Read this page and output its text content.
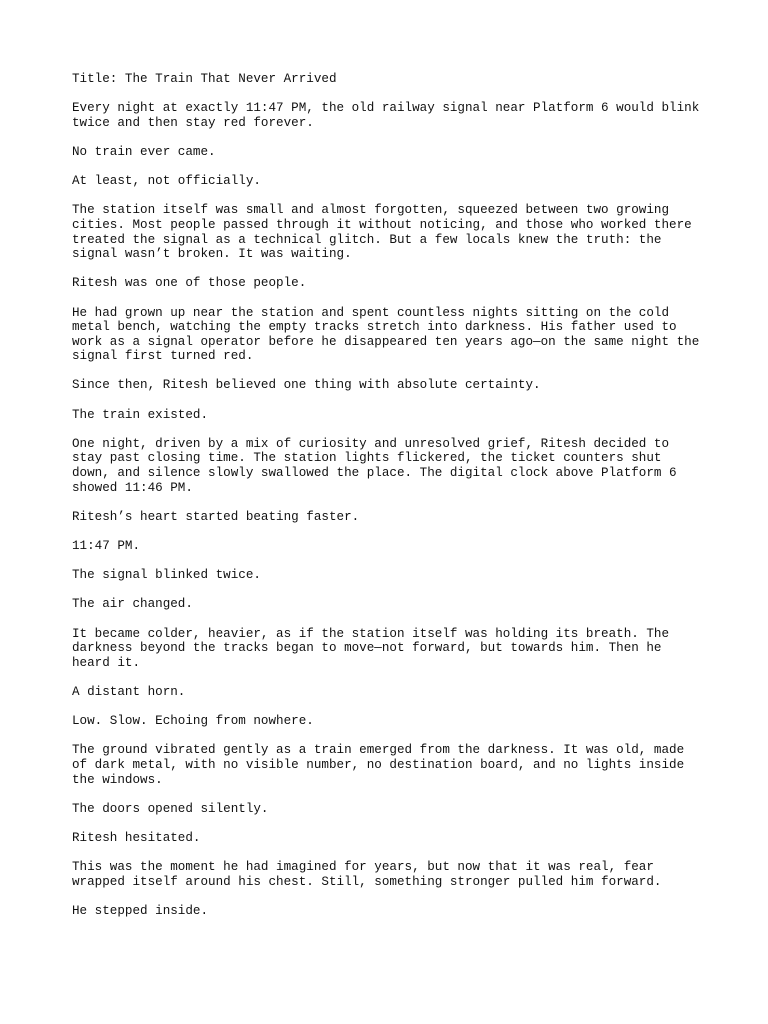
Title: The Train That Never Arrived

Every night at exactly 11:47 PM, the old railway signal near Platform 6 would blink
twice and then stay red forever.

No train ever came.

At least, not officially.

The station itself was small and almost forgotten, squeezed between two growing
cities. Most people passed through it without noticing, and those who worked there
treated the signal as a technical glitch. But a few locals knew the truth: the
signal wasn’t broken. It was waiting.

Ritesh was one of those people.

He had grown up near the station and spent countless nights sitting on the cold
metal bench, watching the empty tracks stretch into darkness. His father used to
work as a signal operator before he disappeared ten years ago—on the same night the
signal first turned red.

Since then, Ritesh believed one thing with absolute certainty.

The train existed.

One night, driven by a mix of curiosity and unresolved grief, Ritesh decided to
stay past closing time. The station lights flickered, the ticket counters shut
down, and silence slowly swallowed the place. The digital clock above Platform 6
showed 11:46 PM.

Ritesh’s heart started beating faster.

11:47 PM.

The signal blinked twice.

The air changed.

It became colder, heavier, as if the station itself was holding its breath. The
darkness beyond the tracks began to move—not forward, but towards him. Then he
heard it.

A distant horn.

Low. Slow. Echoing from nowhere.

The ground vibrated gently as a train emerged from the darkness. It was old, made
of dark metal, with no visible number, no destination board, and no lights inside
the windows.

The doors opened silently.

Ritesh hesitated.

This was the moment he had imagined for years, but now that it was real, fear
wrapped itself around his chest. Still, something stronger pulled him forward.

He stepped inside.
